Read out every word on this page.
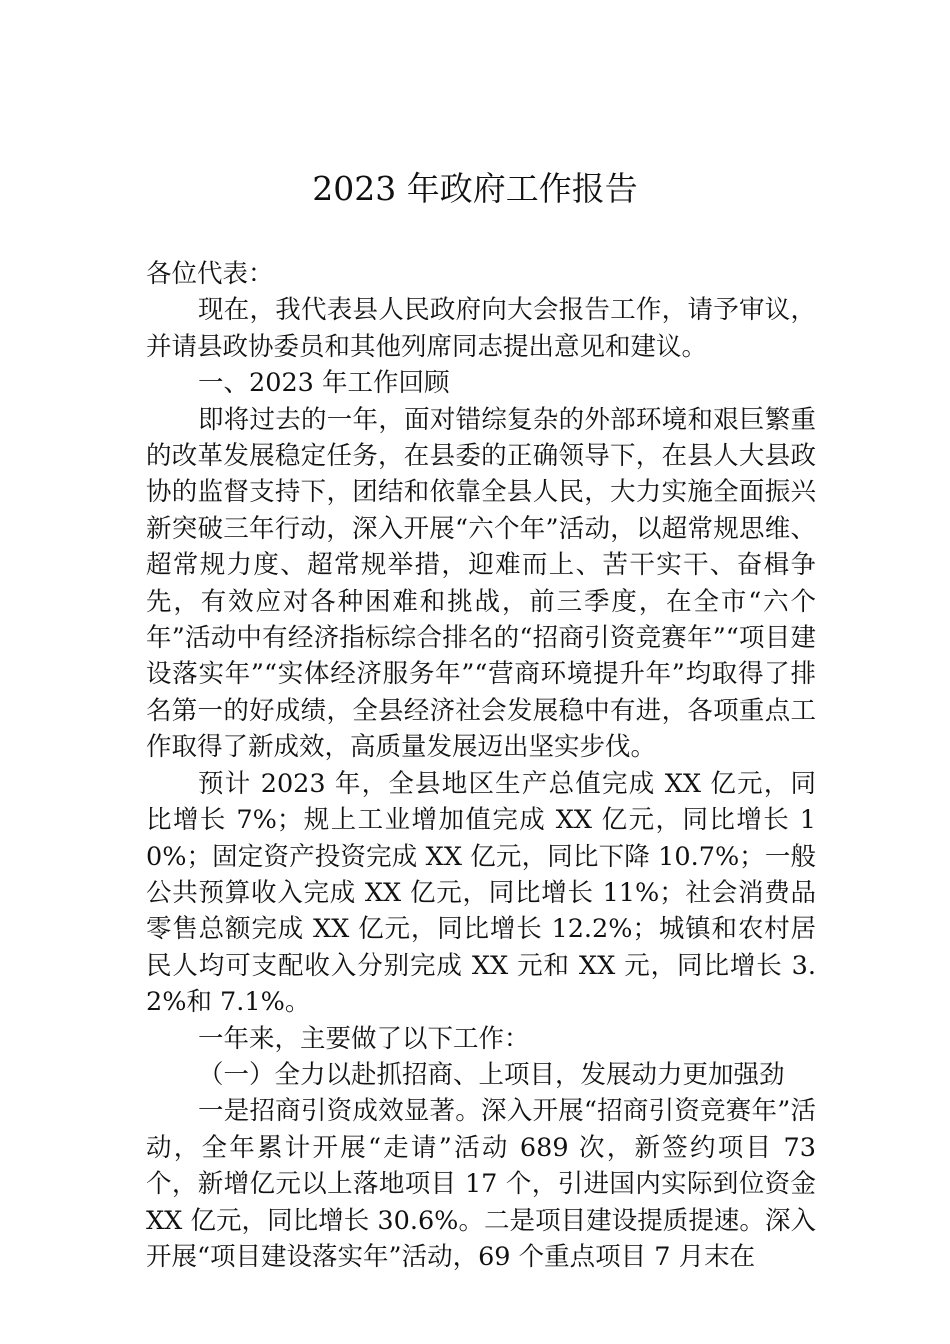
2023 年政府工作报告

各位代表：

现在，我代表县人民政府向大会报告工作，请予审议，并请县政协委员和其他列席同志提出意见和建议。

一、2023 年工作回顾

即将过去的一年，面对错综复杂的外部环境和艰巨繁重的改革发展稳定任务，在县委的正确领导下，在县人大县政协的监督支持下，团结和依靠全县人民，大力实施全面振兴新突破三年行动，深入开展“六个年”活动，以超常规思维、超常规力度、超常规举措，迎难而上、苦干实干、奋楫争先，有效应对各种困难和挑战，前三季度，在全市“六个年”活动中有经济指标综合排名的“招商引资竞赛年”“项目建设落实年”“实体经济服务年”“营商环境提升年”均取得了排名第一的好成绩，全县经济社会发展稳中有进，各项重点工作取得了新成效，高质量发展迈出坚实步伐。

预计 2023 年，全县地区生产总值完成 XX 亿元，同比增长 7%；规上工业增加值完成 XX 亿元，同比增长 10%；固定资产投资完成 XX 亿元，同比下降 10.7%；一般公共预算收入完成 XX 亿元，同比增长 11%；社会消费品零售总额完成 XX 亿元，同比增长 12.2%；城镇和农村居民人均可支配收入分别完成 XX 元和 XX 元，同比增长 3.2%和 7.1%。

一年来，主要做了以下工作：

（一）全力以赴抓招商、上项目，发展动力更加强劲

一是招商引资成效显著。深入开展“招商引资竞赛年”活动，全年累计开展“走请”活动 689 次，新签约项目 73 个，新增亿元以上落地项目 17 个，引进国内实际到位资金 XX 亿元，同比增长 30.6%。二是项目建设提质提速。深入开展“项目建设落实年”活动，69 个重点项目 7 月末在
